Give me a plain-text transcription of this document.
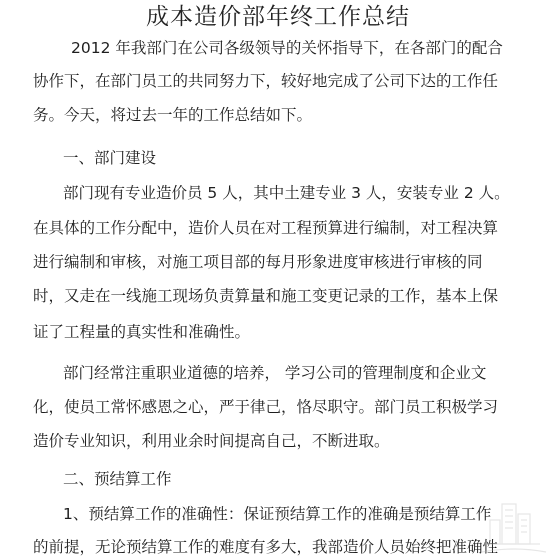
成本造价部年终工作总结
2012 年我部门在公司各级领导的关怀指导下，在各部门的配合
协作下，在部门员工的共同努力下，较好地完成了公司下达的工作任
务。今天，将过去一年的工作总结如下。
一、部门建设
部门现有专业造价员 5 人，其中土建专业 3 人，安装专业 2 人。
在具体的工作分配中，造价人员在对工程预算进行编制，对工程决算
进行编制和审核，对施工项目部的每月形象进度审核进行审核的同
时，又走在一线施工现场负责算量和施工变更记录的工作，基本上保
证了工程量的真实性和准确性。
部门经常注重职业道德的培养， 学习公司的管理制度和企业文
化，使员工常怀感恩之心，严于律己，恪尽职守。部门员工积极学习
造价专业知识，利用业余时间提高自己，不断进取。
二、预结算工作
1、预结算工作的准确性：保证预结算工作的准确是预结算工作
的前提，无论预结算工作的难度有多大，我部造价人员始终把准确性
